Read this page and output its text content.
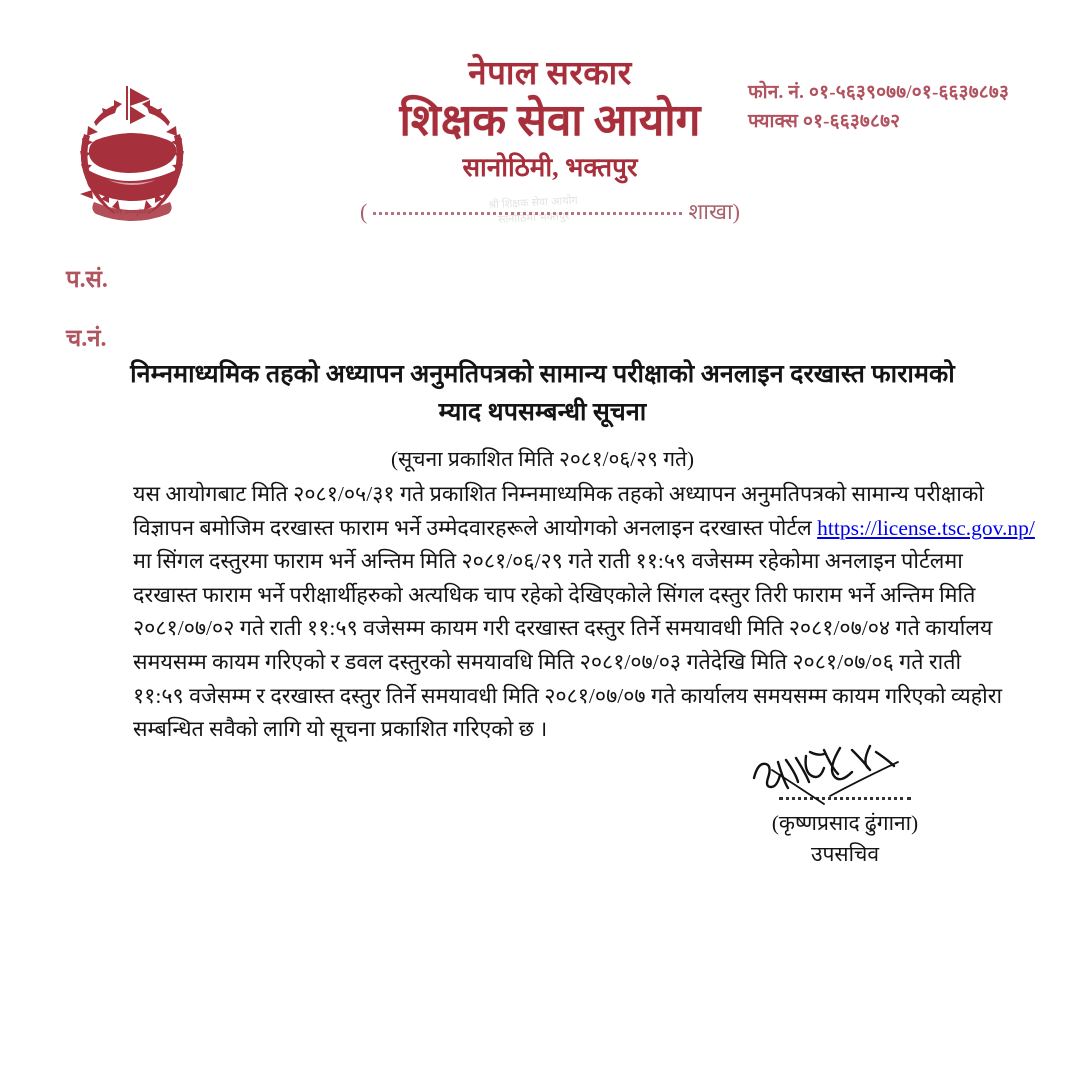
जननी जन्मभूमिश्च
नेपाल सरकार
शिक्षक सेवा आयोग
सानोठिमी, भक्तपुर
फोन. नं. ०१-५६३९०७७/०१-६६३७८७३
फ्याक्स ०१-६६३७८७२
श्री शिक्षक सेवा आयोग सानोठिमी भक्तपुर
(	शाखा)
प.सं.
च.नं.
निम्नमाध्यमिक तहको अध्यापन अनुमतिपत्रको सामान्य परीक्षाको अनलाइन दरखास्त फारामको
म्याद थपसम्बन्धी सूचना
(सूचना प्रकाशित मिति २०८१/०६/२९ गते)

यस आयोगबाट मिति २०८१/०५/३१ गते प्रकाशित निम्नमाध्यमिक तहको अध्यापन अनुमतिपत्रको सामान्य परीक्षाको
विज्ञापन बमोजिम दरखास्त फाराम भर्ने उम्मेदवारहरूले आयोगको अनलाइन दरखास्त पोर्टल https://license.tsc.gov.np/
मा सिंगल दस्तुरमा फाराम भर्ने अन्तिम मिति २०८१/०६/२९ गते राती ११:५९ वजेसम्म रहेकोमा अनलाइन पोर्टलमा
दरखास्त फाराम भर्ने परीक्षार्थीहरुको अत्यधिक चाप रहेको देखिएकोले सिंगल दस्तुर तिरी फाराम भर्ने अन्तिम मिति
२०८१/०७/०२ गते राती ११:५९ वजेसम्म कायम गरी दरखास्त दस्तुर तिर्ने समयावधी मिति २०८१/०७/०४ गते कार्यालय
समयसम्म कायम गरिएको र डवल दस्तुरको समयावधि मिति २०८१/०७/०३ गतेदेखि मिति २०८१/०७/०६ गते राती
११:५९ वजेसम्म र दरखास्त दस्तुर तिर्ने समयावधी मिति २०८१/०७/०७ गते कार्यालय समयसम्म कायम गरिएको व्यहोरा
सम्बन्धित सवैको लागि यो सूचना प्रकाशित गरिएको छ ।

(कृष्णप्रसाद ढुंगाना)
उपसचिव
